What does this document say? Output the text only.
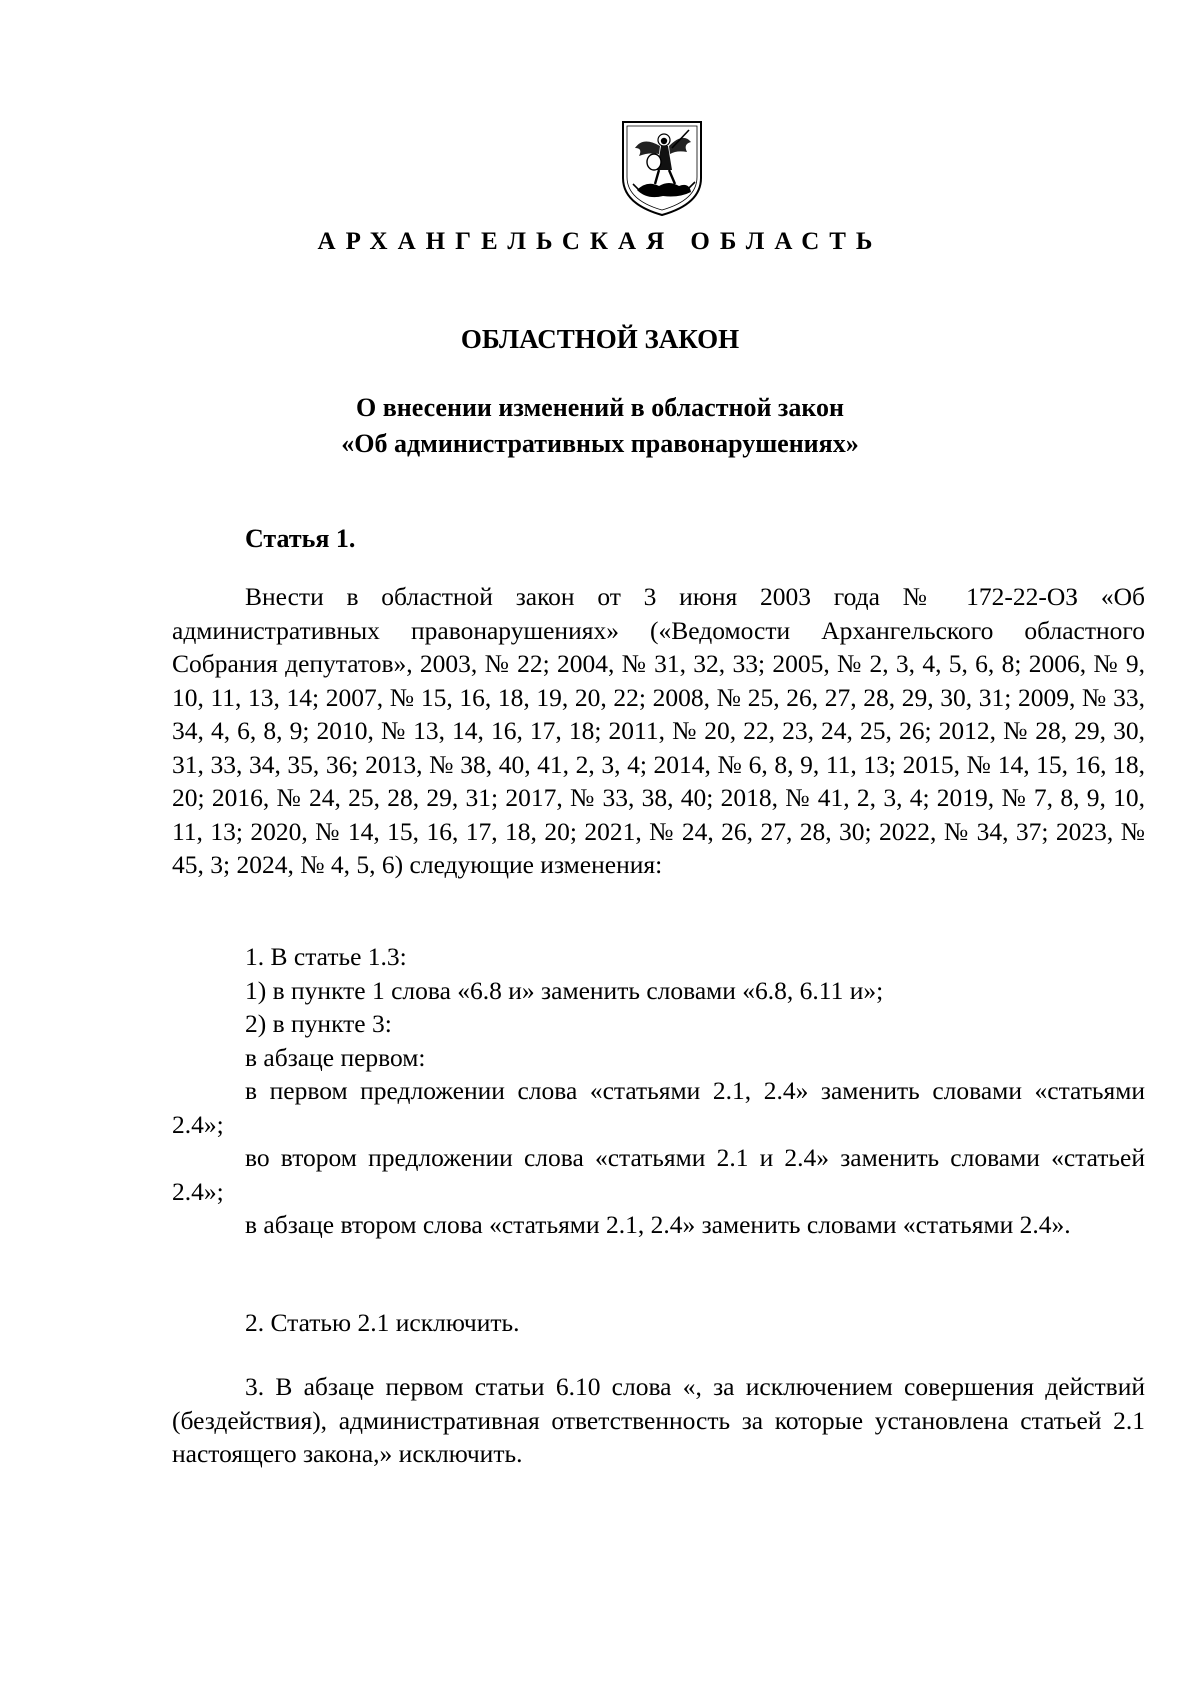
АРХАНГЕЛЬСКАЯ ОБЛАСТЬ
ОБЛАСТНОЙ ЗАКОН
О внесении изменений в областной закон
«Об административных правонарушениях»
Статья 1.

Внести в областной закон от 3 июня 2003 года № 172-22-ОЗ «Об административных правонарушениях» («Ведомости Архангельского областного Собрания депутатов», 2003, № 22; 2004, № 31, 32, 33; 2005, № 2, 3, 4, 5, 6, 8; 2006, № 9, 10, 11, 13, 14; 2007, № 15, 16, 18, 19, 20, 22; 2008, № 25, 26, 27, 28, 29, 30, 31; 2009, № 33, 34, 4, 6, 8, 9; 2010, № 13, 14, 16, 17, 18; 2011, № 20, 22, 23, 24, 25, 26; 2012, № 28, 29, 30, 31, 33, 34, 35, 36; 2013, № 38, 40, 41, 2, 3, 4; 2014, № 6, 8, 9, 11, 13; 2015, № 14, 15, 16, 18, 20; 2016, № 24, 25, 28, 29, 31; 2017, № 33, 38, 40; 2018, № 41, 2, 3, 4; 2019, № 7, 8, 9, 10, 11, 13; 2020, № 14, 15, 16, 17, 18, 20; 2021, № 24, 26, 27, 28, 30; 2022, № 34, 37; 2023, № 45, 3; 2024, № 4, 5, 6) следующие изменения:

1. В статье 1.3:

1) в пункте 1 слова «6.8 и» заменить словами «6.8, 6.11 и»;

2) в пункте 3:

в абзаце первом:

в первом предложении слова «статьями 2.1, 2.4» заменить словами «статьями 2.4»;

во втором предложении слова «статьями 2.1 и 2.4» заменить словами «статьей 2.4»;

в абзаце втором слова «статьями 2.1, 2.4» заменить словами «статьями 2.4».

2. Статью 2.1 исключить.

3. В абзаце первом статьи 6.10 слова «, за исключением совершения действий (бездействия), административная ответственность за которые установлена статьей 2.1 настоящего закона,» исключить.
